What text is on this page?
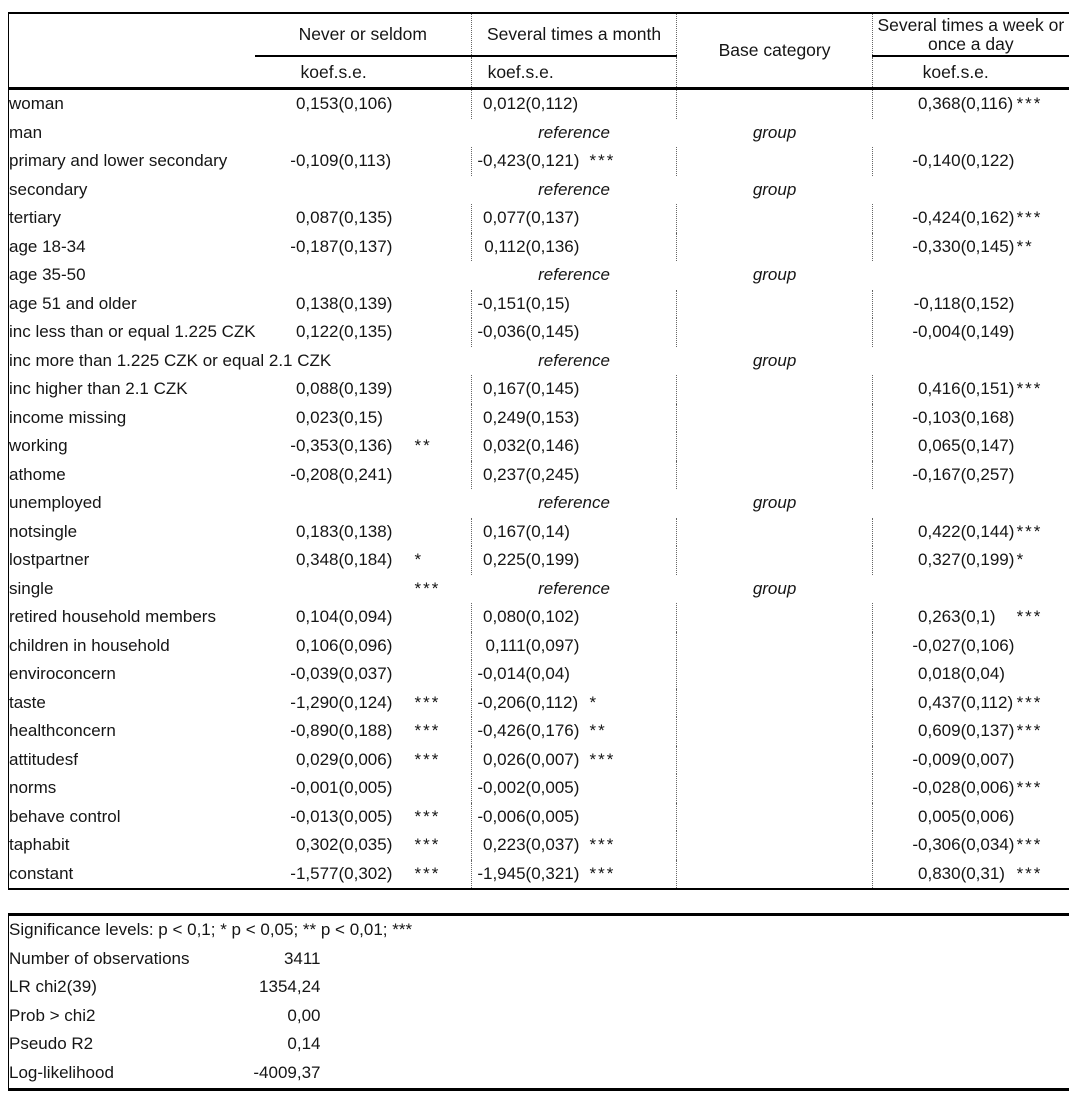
	Never or seldom			Several times a month			Base category	Several times a week or once a day		
	koef.	s.e.		koef.	s.e.			koef.	s.e.	
woman	0,153	(0,106)		0,012	(0,112)			0,368	(0,116)	***
man				reference			group			
primary and lower secondary	-0,109	(0,113)		-0,423	(0,121)	***		-0,140	(0,122)	
secondary				reference			group			
tertiary	0,087	(0,135)		0,077	(0,137)			-0,424	(0,162)	***
age 18-34	-0,187	(0,137)		0,112	(0,136)			-0,330	(0,145)	**
age 35-50				reference			group			
age 51 and older	0,138	(0,139)		-0,151	(0,15)			-0,118	(0,152)	
inc less than or equal 1.225 CZK	0,122	(0,135)		-0,036	(0,145)			-0,004	(0,149)	
inc more than 1.225 CZK or equal 2.1 CZK				reference			group			
inc higher than 2.1 CZK	0,088	(0,139)		0,167	(0,145)			0,416	(0,151)	***
income missing	0,023	(0,15)		0,249	(0,153)			-0,103	(0,168)	
working	-0,353	(0,136)	**	0,032	(0,146)			0,065	(0,147)	
athome	-0,208	(0,241)		0,237	(0,245)			-0,167	(0,257)	
unemployed				reference			group			
notsingle	0,183	(0,138)		0,167	(0,14)			0,422	(0,144)	***
lostpartner	0,348	(0,184)	*	0,225	(0,199)			0,327	(0,199)	*
single			***	reference			group			
retired household members	0,104	(0,094)		0,080	(0,102)			0,263	(0,1)	***
children in household	0,106	(0,096)		0,111	(0,097)			-0,027	(0,106)	
enviroconcern	-0,039	(0,037)		-0,014	(0,04)			0,018	(0,04)	
taste	-1,290	(0,124)	***	-0,206	(0,112)	*		0,437	(0,112)	***
healthconcern	-0,890	(0,188)	***	-0,426	(0,176)	**		0,609	(0,137)	***
attitudesf	0,029	(0,006)	***	0,026	(0,007)	***		-0,009	(0,007)	
norms	-0,001	(0,005)		-0,002	(0,005)			-0,028	(0,006)	***
behave control	-0,013	(0,005)	***	-0,006	(0,005)			0,005	(0,006)	
taphabit	0,302	(0,035)	***	0,223	(0,037)	***		-0,306	(0,034)	***
constant	-1,577	(0,302)	***	-1,945	(0,321)	***		0,830	(0,31)	***
Significance levels: p < 0,1; * p < 0,05; ** p < 0,01; ***		
Number of observations	3411	
LR chi2(39)	1354,24	
Prob > chi2	0,00	
Pseudo R2	0,14	
Log-likelihood	-4009,37	
